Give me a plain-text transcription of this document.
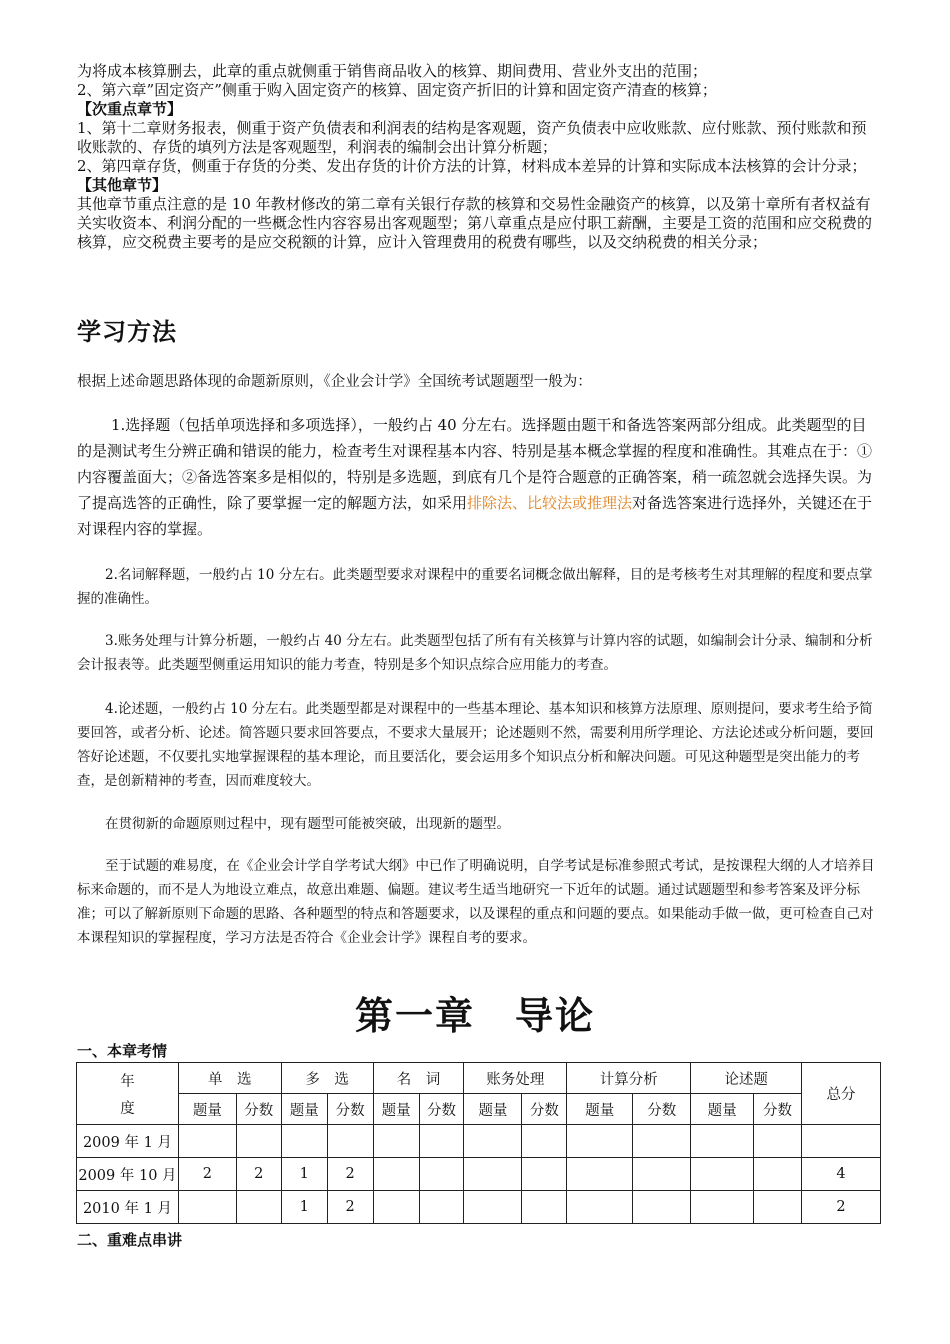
为将成本核算删去，此章的重点就侧重于销售商品收入的核算、期间费用、营业外支出的范围；

2、第六章”固定资产”侧重于购入固定资产的核算、固定资产折旧的计算和固定资产清查的核算；

【次重点章节】

1、第十二章财务报表，侧重于资产负债表和利润表的结构是客观题，资产负债表中应收账款、应付账款、预付账款和预收账款的、存货的填列方法是客观题型，利润表的编制会出计算分析题；

2、第四章存货，侧重于存货的分类、发出存货的计价方法的计算，材料成本差异的计算和实际成本法核算的会计分录；

【其他章节】

其他章节重点注意的是 10 年教材修改的第二章有关银行存款的核算和交易性金融资产的核算，以及第十章所有者权益有关实收资本、利润分配的一些概念性内容容易出客观题型；第八章重点是应付职工薪酬，主要是工资的范围和应交税费的核算，应交税费主要考的是应交税额的计算，应计入管理费用的税费有哪些，以及交纳税费的相关分录；

学习方法
根据上述命题思路体现的命题新原则，《企业会计学》全国统考试题题型一般为：

1.选择题（包括单项选择和多项选择），一般约占 40 分左右。选择题由题干和备选答案两部分组成。此类题型的目的是测试考生分辨正确和错误的能力，检查考生对课程基本内容、特别是基本概念掌握的程度和准确性。其难点在于：①内容覆盖面大；②备选答案多是相似的，特别是多选题，到底有几个是符合题意的正确答案，稍一疏忽就会选择失误。为了提高选答的正确性，除了要掌握一定的解题方法，如采用排除法、比较法或推理法对备选答案进行选择外，关键还在于对课程内容的掌握。

2.名词解释题，一般约占 10 分左右。此类题型要求对课程中的重要名词概念做出解释，目的是考核考生对其理解的程度和要点掌握的准确性。

3.账务处理与计算分析题，一般约占 40 分左右。此类题型包括了所有有关核算与计算内容的试题，如编制会计分录、编制和分析会计报表等。此类题型侧重运用知识的能力考查，特别是多个知识点综合应用能力的考查。

4.论述题，一般约占 10 分左右。此类题型都是对课程中的一些基本理论、基本知识和核算方法原理、原则提问，要求考生给予简要回答，或者分析、论述。简答题只要求回答要点，不要求大量展开；论述题则不然，需要利用所学理论、方法论述或分析问题，要回答好论述题，不仅要扎实地掌握课程的基本理论，而且要活化，要会运用多个知识点分析和解决问题。可见这种题型是突出能力的考查，是创新精神的考查，因而难度较大。

在贯彻新的命题原则过程中，现有题型可能被突破，出现新的题型。

至于试题的难易度，在《企业会计学自学考试大纲》中已作了明确说明，自学考试是标准参照式考试，是按课程大纲的人才培养目标来命题的，而不是人为地设立难点，故意出难题、偏题。建议考生适当地研究一下近年的试题。通过试题题型和参考答案及评分标准；可以了解新原则下命题的思路、各种题型的特点和答题要求，以及课程的重点和问题的要点。如果能动手做一做，更可检查自己对本课程知识的掌握程度，学习方法是否符合《企业会计学》课程自考的要求。

第一章　导论
一、本章考情
年
度	单　选		多　选		名　词		账务处理		计算分析		论述题		总分
	题量	分数	题量	分数	题量	分数	题量	分数	题量	分数	题量	分数	
2009 年 1 月													
2009 年 10 月	2	2	1	2									4
2010 年 1 月			1	2									2
二、重难点串讲
